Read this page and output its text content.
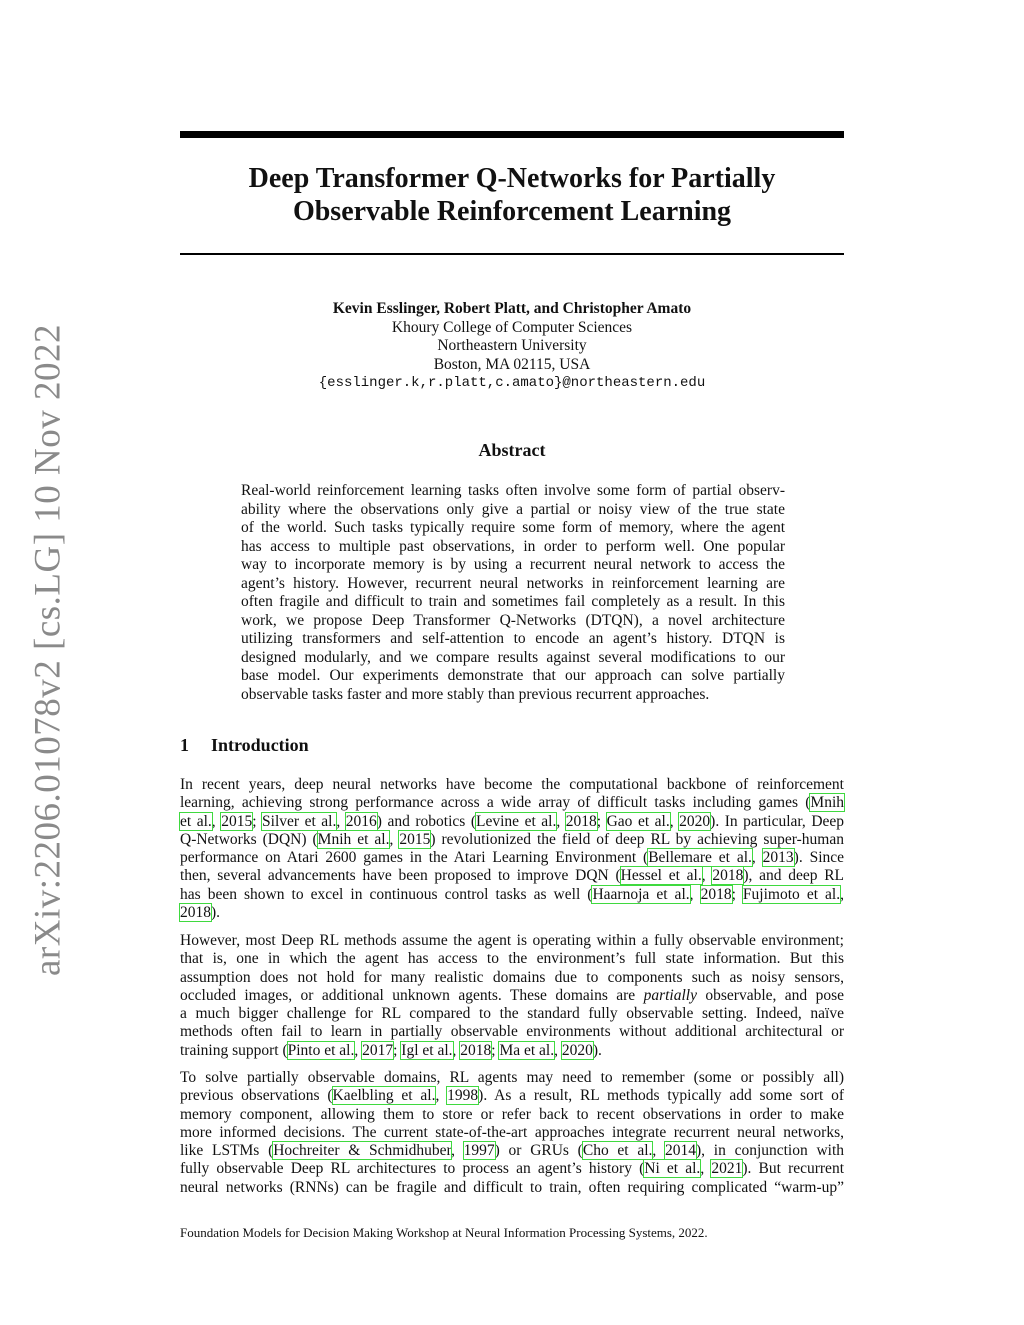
arXiv:2206.01078v2 [cs.LG] 10 Nov 2022
Deep Transformer Q-Networks for Partially
Observable Reinforcement Learning
Kevin Esslinger, Robert Platt, and Christopher Amato
Khoury College of Computer Sciences
Northeastern University
Boston, MA 02115, USA
{esslinger.k,r.platt,c.amato}@northeastern.edu
Abstract
Real-world reinforcement learning tasks often involve some form of partial observ-
ability where the observations only give a partial or noisy view of the true state
of the world. Such tasks typically require some form of memory, where the agent
has access to multiple past observations, in order to perform well. One popular
way to incorporate memory is by using a recurrent neural network to access the
agent’s history. However, recurrent neural networks in reinforcement learning are
often fragile and difficult to train and sometimes fail completely as a result. In this
work, we propose Deep Transformer Q-Networks (DTQN), a novel architecture
utilizing transformers and self-attention to encode an agent’s history. DTQN is
designed modularly, and we compare results against several modifications to our
base model. Our experiments demonstrate that our approach can solve partially
observable tasks faster and more stably than previous recurrent approaches.
1 Introduction
In recent years, deep neural networks have become the computational backbone of reinforcement
learning, achieving strong performance across a wide array of difficult tasks including games (Mnih
et al., 2015; Silver et al., 2016) and robotics (Levine et al., 2018; Gao et al., 2020). In particular, Deep
Q-Networks (DQN) (Mnih et al., 2015) revolutionized the field of deep RL by achieving super-human
performance on Atari 2600 games in the Atari Learning Environment (Bellemare et al., 2013). Since
then, several advancements have been proposed to improve DQN (Hessel et al., 2018), and deep RL
has been shown to excel in continuous control tasks as well (Haarnoja et al., 2018; Fujimoto et al.,
2018).
However, most Deep RL methods assume the agent is operating within a fully observable environment;
that is, one in which the agent has access to the environment’s full state information. But this
assumption does not hold for many realistic domains due to components such as noisy sensors,
occluded images, or additional unknown agents. These domains are partially observable, and pose
a much bigger challenge for RL compared to the standard fully observable setting. Indeed, naïve
methods often fail to learn in partially observable environments without additional architectural or
training support (Pinto et al., 2017; Igl et al., 2018; Ma et al., 2020).
To solve partially observable domains, RL agents may need to remember (some or possibly all)
previous observations (Kaelbling et al., 1998). As a result, RL methods typically add some sort of
memory component, allowing them to store or refer back to recent observations in order to make
more informed decisions. The current state-of-the-art approaches integrate recurrent neural networks,
like LSTMs (Hochreiter & Schmidhuber, 1997) or GRUs (Cho et al., 2014), in conjunction with
fully observable Deep RL architectures to process an agent’s history (Ni et al., 2021). But recurrent
neural networks (RNNs) can be fragile and difficult to train, often requiring complicated “warm-up”
Foundation Models for Decision Making Workshop at Neural Information Processing Systems, 2022.
